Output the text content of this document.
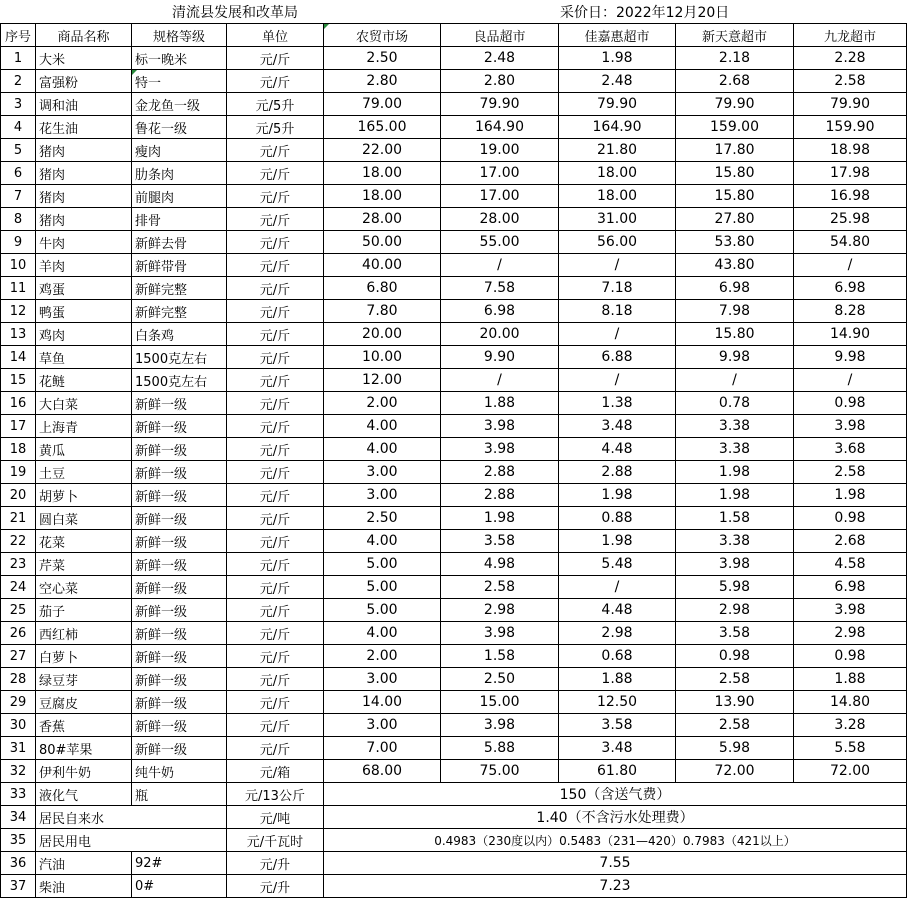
清流县发展和改革局	采价日：2022年12月20日
序号	商品名称	规格等级	单位	农贸市场	良品超市	佳嘉惠超市	新天意超市	九龙超市
1	大米	标一晚米	元/斤	2.50	2.48	1.98	2.18	2.28
2	富强粉	特一	元/斤	2.80	2.80	2.48	2.68	2.58
3	调和油	金龙鱼一级	元/5升	79.00	79.90	79.90	79.90	79.90
4	花生油	鲁花一级	元/5升	165.00	164.90	164.90	159.00	159.90
5	猪肉	瘦肉	元/斤	22.00	19.00	21.80	17.80	18.98
6	猪肉	肋条肉	元/斤	18.00	17.00	18.00	15.80	17.98
7	猪肉	前腿肉	元/斤	18.00	17.00	18.00	15.80	16.98
8	猪肉	排骨	元/斤	28.00	28.00	31.00	27.80	25.98
9	牛肉	新鲜去骨	元/斤	50.00	55.00	56.00	53.80	54.80
10	羊肉	新鲜带骨	元/斤	40.00	/	/	43.80	/
11	鸡蛋	新鲜完整	元/斤	6.80	7.58	7.18	6.98	6.98
12	鸭蛋	新鲜完整	元/斤	7.80	6.98	8.18	7.98	8.28
13	鸡肉	白条鸡	元/斤	20.00	20.00	/	15.80	14.90
14	草鱼	1500克左右	元/斤	10.00	9.90	6.88	9.98	9.98
15	花鲢	1500克左右	元/斤	12.00	/	/	/	/
16	大白菜	新鲜一级	元/斤	2.00	1.88	1.38	0.78	0.98
17	上海青	新鲜一级	元/斤	4.00	3.98	3.48	3.38	3.98
18	黄瓜	新鲜一级	元/斤	4.00	3.98	4.48	3.38	3.68
19	土豆	新鲜一级	元/斤	3.00	2.88	2.88	1.98	2.58
20	胡萝卜	新鲜一级	元/斤	3.00	2.88	1.98	1.98	1.98
21	圆白菜	新鲜一级	元/斤	2.50	1.98	0.88	1.58	0.98
22	花菜	新鲜一级	元/斤	4.00	3.58	1.98	3.38	2.68
23	芹菜	新鲜一级	元/斤	5.00	4.98	5.48	3.98	4.58
24	空心菜	新鲜一级	元/斤	5.00	2.58	/	5.98	6.98
25	茄子	新鲜一级	元/斤	5.00	2.98	4.48	2.98	3.98
26	西红柿	新鲜一级	元/斤	4.00	3.98	2.98	3.58	2.98
27	白萝卜	新鲜一级	元/斤	2.00	1.58	0.68	0.98	0.98
28	绿豆芽	新鲜一级	元/斤	3.00	2.50	1.88	2.58	1.88
29	豆腐皮	新鲜一级	元/斤	14.00	15.00	12.50	13.90	14.80
30	香蕉	新鲜一级	元/斤	3.00	3.98	3.58	2.58	3.28
31	80#苹果	新鲜一级	元/斤	7.00	5.88	3.48	5.98	5.58
32	伊利牛奶	纯牛奶	元/箱	68.00	75.00	61.80	72.00	72.00
33	液化气	瓶	元/13公斤	150（含送气费）				
34	居民自来水		元/吨	1.40（不含污水处理费）				
35	居民用电		元/千瓦时	0.4983（230度以内）0.5483（231—420）0.7983（421以上）				
36	汽油	92#	元/升	7.55				
37	柴油	0#	元/升	7.23				
